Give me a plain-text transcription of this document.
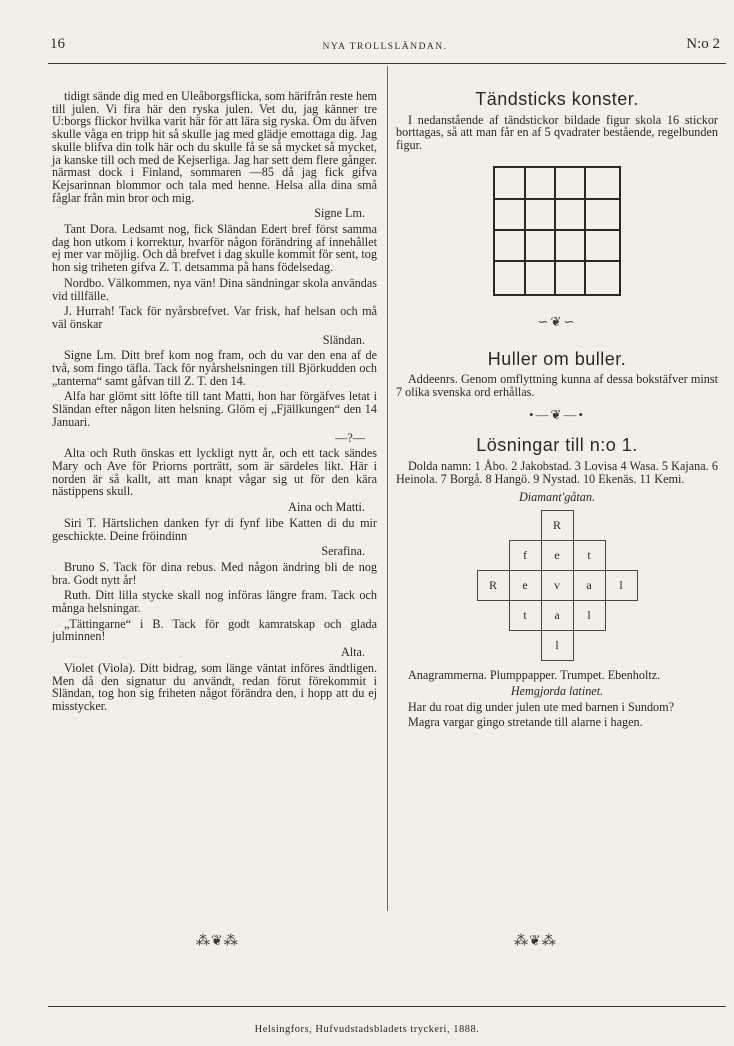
16	NYA TROLLSLÄNDAN.	N:o 2

tidigt sände dig med en Uleåborgsflicka, som härifrån reste hem till julen. Vi fira här den ryska julen. Vet du, jag känner tre U:borgs flickor hvilka varit här för att lära sig ryska. Om du äfven skulle våga en tripp hit så skulle jag med glädje emottaga dig. Jag skulle blifva din tolk här och du skulle få se så mycket så mycket, ja kanske till och med de Kejserliga. Jag har sett dem flere gånger. närmast dock i Finland, sommaren —85 då jag fick gifva Kejsarinnan blommor och tala med henne. Helsa alla dina små fåglar från min bror och mig.

Signe Lm.

Tant Dora. Ledsamt nog, fick Sländan Edert bref först samma dag hon utkom i korrektur, hvarför någon förändring af innehållet ej mer var möjlig. Och då brefvet i dag skulle kommit för sent, tog hon sig triheten gifva Z. T. detsamma på hans födelsedag.

Nordbo. Välkommen, nya vän! Dina sändningar skola användas vid tillfälle.

J. Hurrah! Tack för nyårsbrefvet. Var frisk, haf helsan och må väl önskar

Sländan.

Signe Lm. Ditt bref kom nog fram, och du var den ena af de två, som fingo täfla. Tack för nyårshelsningen till Björkudden och „tanterna“ samt gåfvan till Z. T. den 14.

Alfa har glömt sitt löfte till tant Matti, hon har förgäfves letat i Sländan efter någon liten helsning. Glöm ej „Fjällkungen“ den 14 Januari.

—?—

Alta och Ruth önskas ett lyckligt nytt år, och ett tack sändes Mary och Ave för Priorns porträtt, som är särdeles likt. Här i norden är så kallt, att man knapt vågar sig ut för den kära nästippens skull.

Aina och Matti.

Siri T. Härtslichen danken fyr di fynf libe Katten di du mir geschickte. Deine fröindinn

Serafina.

Bruno S. Tack för dina rebus. Med någon ändring bli de nog bra. Godt nytt år!

Ruth. Ditt lilla stycke skall nog införas längre fram. Tack och många helsningar.

„Tättingarne“ i B. Tack för godt kamratskap och glada julminnen!

Alta.

Violet (Viola). Ditt bidrag, som länge väntat införes ändtligen. Men då den signatur du användt, redan förut förekommit i Sländan, tog hon sig friheten något förändra den, i hopp att du ej misstycker.

⁂❦⁂
Tändsticks konster.

I nedanstående af tändstickor bildade figur skola 16 stickor borttagas, så att man får en af 5 qvadrater bestående, regelbunden figur.

∽❦∽
Huller om buller.

Addeenrs. Genom omflyttning kunna af dessa bokstäfver minst 7 olika svenska ord erhållas.

•—❦—•
Lösningar till n:o 1.

Dolda namn: 1 Åbo. 2 Jakobstad. 3 Lovisa 4 Wasa. 5 Kajana. 6 Heinola. 7 Borgå. 8 Hangö. 9 Nystad. 10 Ekenäs. 11 Kemi.

Diamant'gåtan.

		R		
	f	e	t	
R	e	v	a	l
	t	a	l	
		l		

Anagrammerna. Plumppapper. Trumpet. Ebenholtz.

Hemgjorda latinet.

Har du roat dig under julen ute med barnen i Sundom?

Magra vargar gingo stretande till alarne i hagen.

⁂❦⁂
Helsingfors, Hufvudstadsbladets tryckeri, 1888.
